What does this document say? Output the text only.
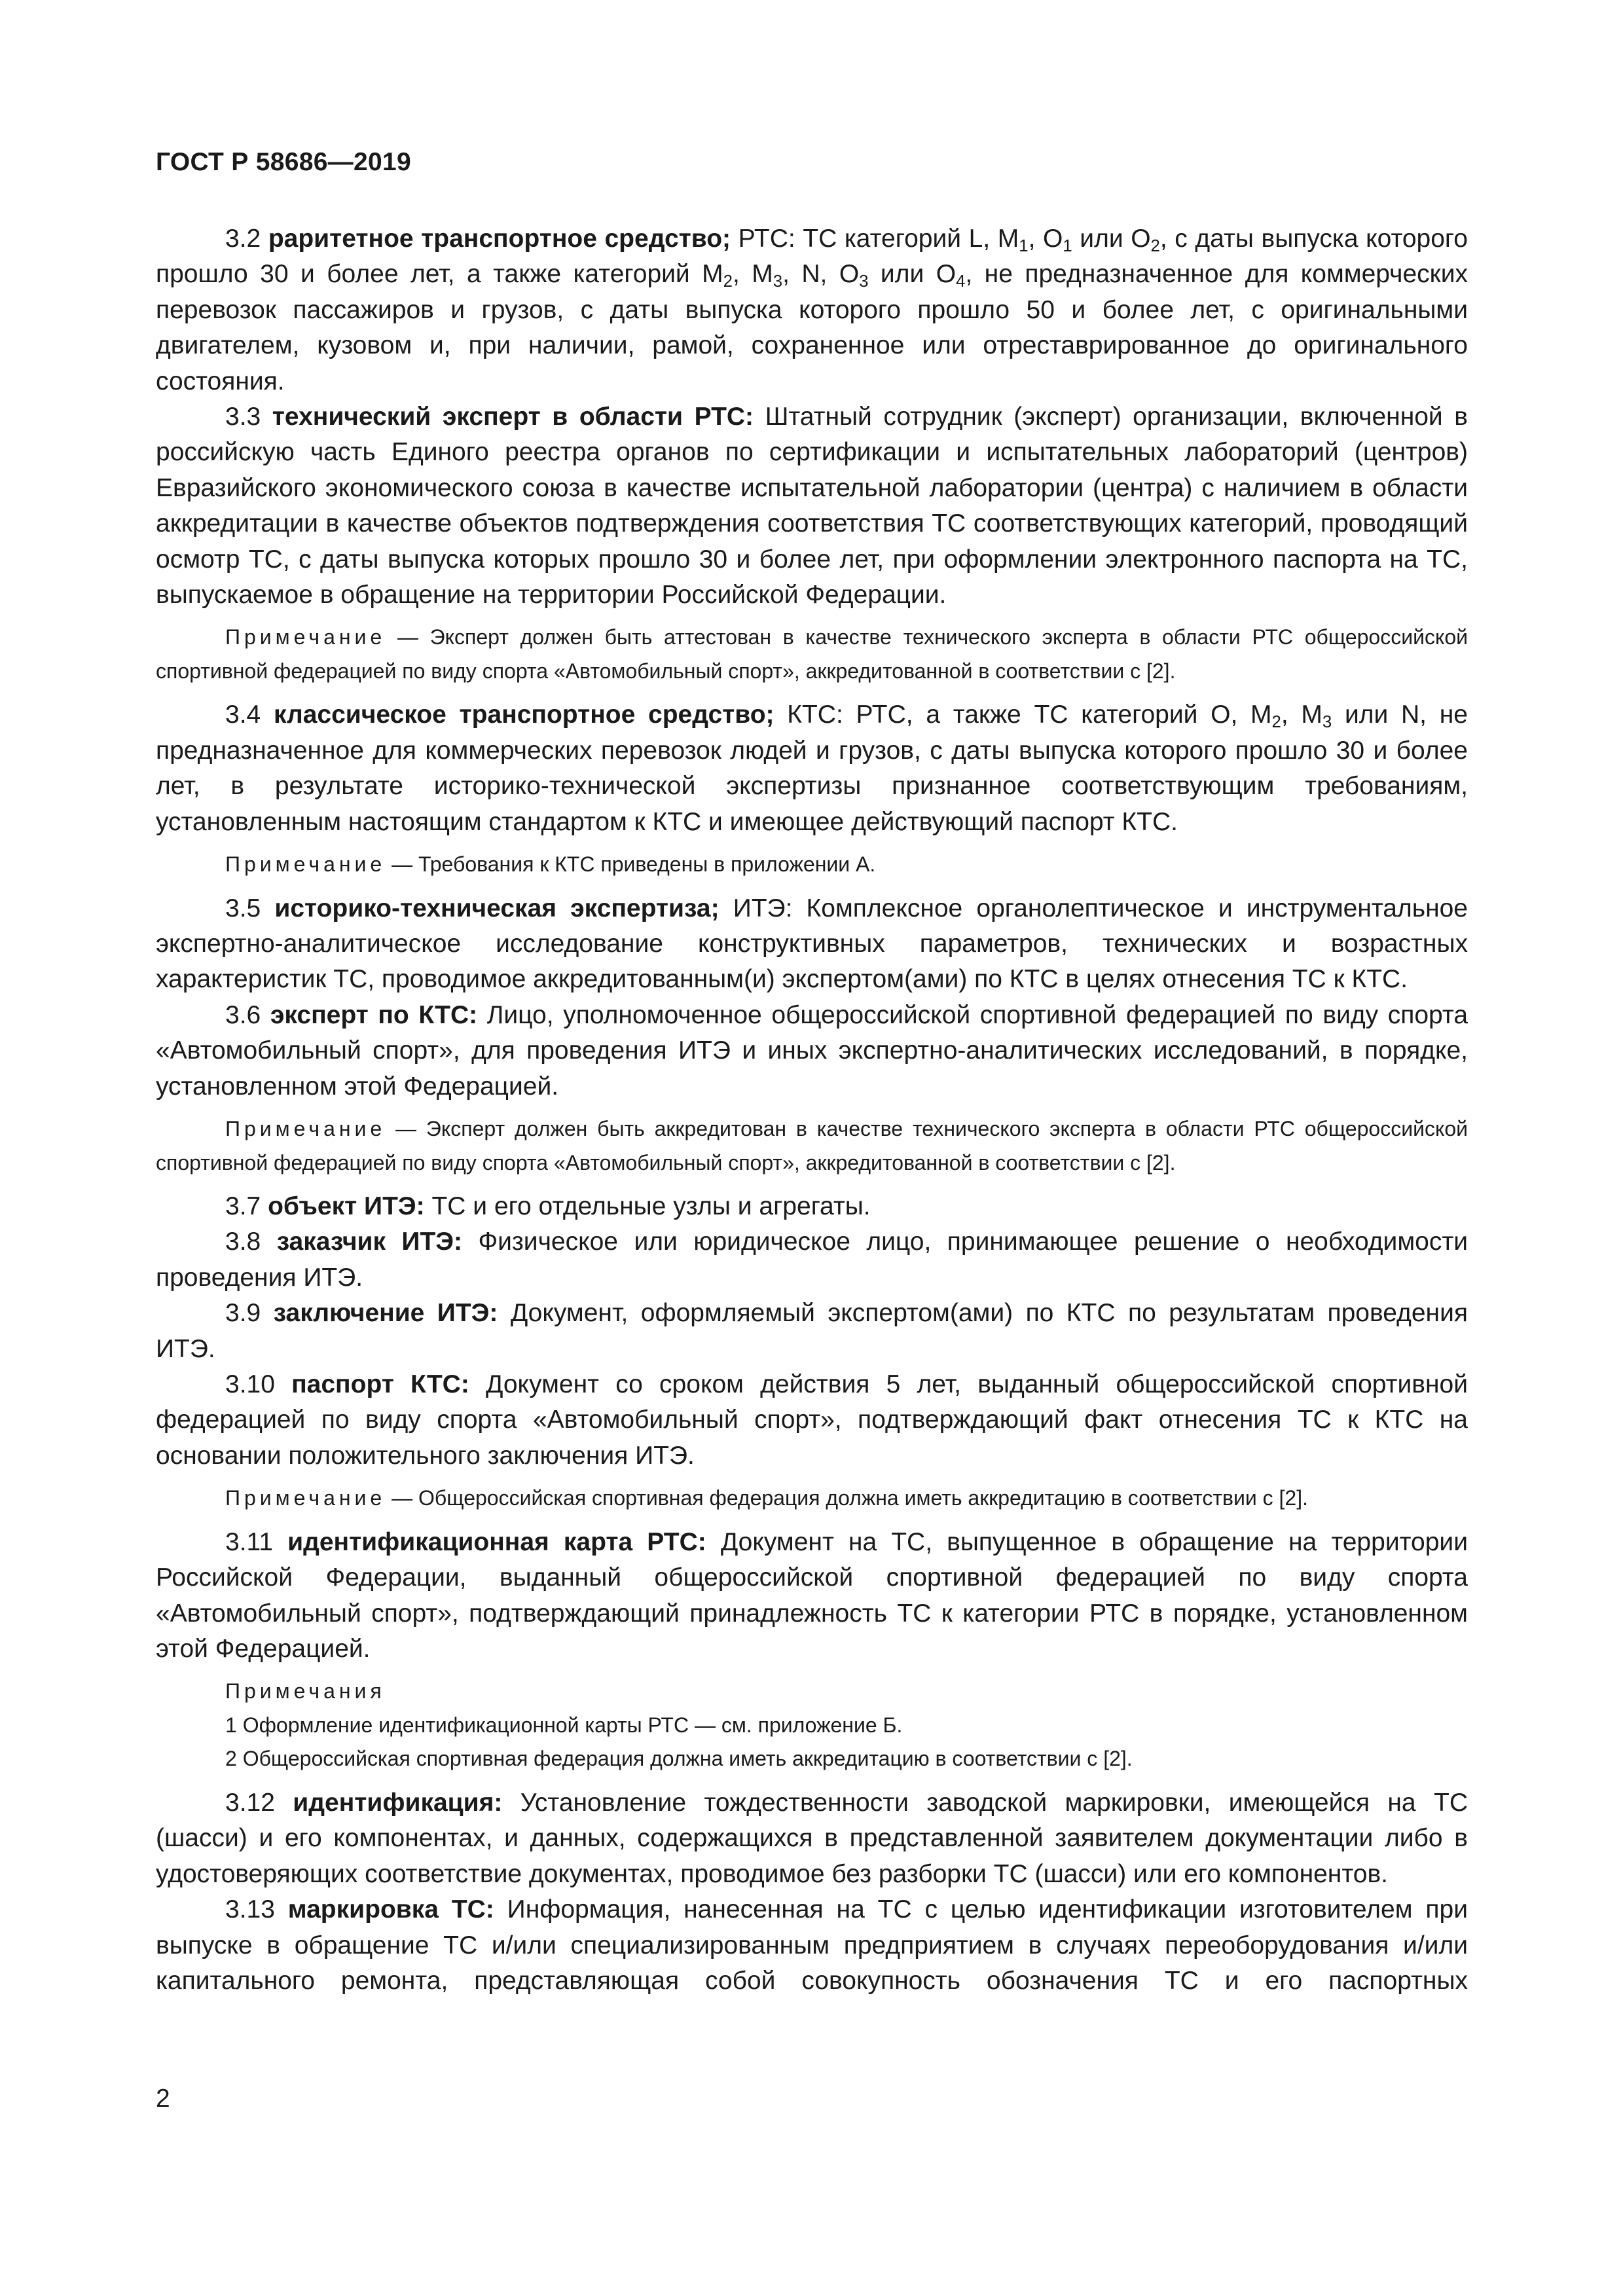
ГОСТ Р 58686—2019

3.2 раритетное транспортное средство; РТС: ТС категорий L, $M_1$, $O_1$ или $O_2$, с даты выпуска которого прошло 30 и более лет, а также категорий $M_2$, $M_3$, N, $O_3$ или $O_4$, не предназначенное для коммерческих перевозок пассажиров и грузов, с даты выпуска которого прошло 50 и более лет, с оригинальными двигателем, кузовом и, при наличии, рамой, сохраненное или отреставрированное до оригинального состояния.

3.3 технический эксперт в области РТС: Штатный сотрудник (эксперт) организации, включенной в российскую часть Единого реестра органов по сертификации и испытательных лабораторий (центров) Евразийского экономического союза в качестве испытательной лаборатории (центра) с наличием в области аккредитации в качестве объектов подтверждения соответствия ТС соответствующих категорий, проводящий осмотр ТС, с даты выпуска которых прошло 30 и более лет, при оформлении электронного паспорта на ТС, выпускаемое в обращение на территории Российской Федерации.

Примечание — Эксперт должен быть аттестован в качестве технического эксперта в области РТС общероссийской спортивной федерацией по виду спорта «Автомобильный спорт», аккредитованной в соответствии с [2].

3.4 классическое транспортное средство; КТС: РТС, а также ТС категорий O, $M_2$, $M_3$ или N, не предназначенное для коммерческих перевозок людей и грузов, с даты выпуска которого прошло 30 и более лет, в результате историко-технической экспертизы признанное соответствующим требованиям, установленным настоящим стандартом к КТС и имеющее действующий паспорт КТС.

Примечание — Требования к КТС приведены в приложении А.

3.5 историко-техническая экспертиза; ИТЭ: Комплексное органолептическое и инструментальное экспертно-аналитическое исследование конструктивных параметров, технических и возрастных характеристик ТС, проводимое аккредитованным(и) экспертом(ами) по КТС в целях отнесения ТС к КТС.

3.6 эксперт по КТС: Лицо, уполномоченное общероссийской спортивной федерацией по виду спорта «Автомобильный спорт», для проведения ИТЭ и иных экспертно-аналитических исследований, в порядке, установленном этой Федерацией.

Примечание — Эксперт должен быть аккредитован в качестве технического эксперта в области РТС общероссийской спортивной федерацией по виду спорта «Автомобильный спорт», аккредитованной в соответствии с [2].

3.7 объект ИТЭ: ТС и его отдельные узлы и агрегаты.

3.8 заказчик ИТЭ: Физическое или юридическое лицо, принимающее решение о необходимости проведения ИТЭ.

3.9 заключение ИТЭ: Документ, оформляемый экспертом(ами) по КТС по результатам проведения ИТЭ.

3.10 паспорт КТС: Документ со сроком действия 5 лет, выданный общероссийской спортивной федерацией по виду спорта «Автомобильный спорт», подтверждающий факт отнесения ТС к КТС на основании положительного заключения ИТЭ.

Примечание — Общероссийская спортивная федерация должна иметь аккредитацию в соответствии с [2].

3.11 идентификационная карта РТС: Документ на ТС, выпущенное в обращение на территории Российской Федерации, выданный общероссийской спортивной федерацией по виду спорта «Автомобильный спорт», подтверждающий принадлежность ТС к категории РТС в порядке, установленном этой Федерацией.

Примечания

1 Оформление идентификационной карты РТС — см. приложение Б.

2 Общероссийская спортивная федерация должна иметь аккредитацию в соответствии с [2].

3.12 идентификация: Установление тождественности заводской маркировки, имеющейся на ТС (шасси) и его компонентах, и данных, содержащихся в представленной заявителем документации либо в удостоверяющих соответствие документах, проводимое без разборки ТС (шасси) или его компонентов.

3.13 маркировка ТС: Информация, нанесенная на ТС с целью идентификации изготовителем при выпуске в обращение ТС и/или специализированным предприятием в случаях переоборудования и/или капитального ремонта, представляющая собой совокупность обозначения ТС и его паспортных

2
